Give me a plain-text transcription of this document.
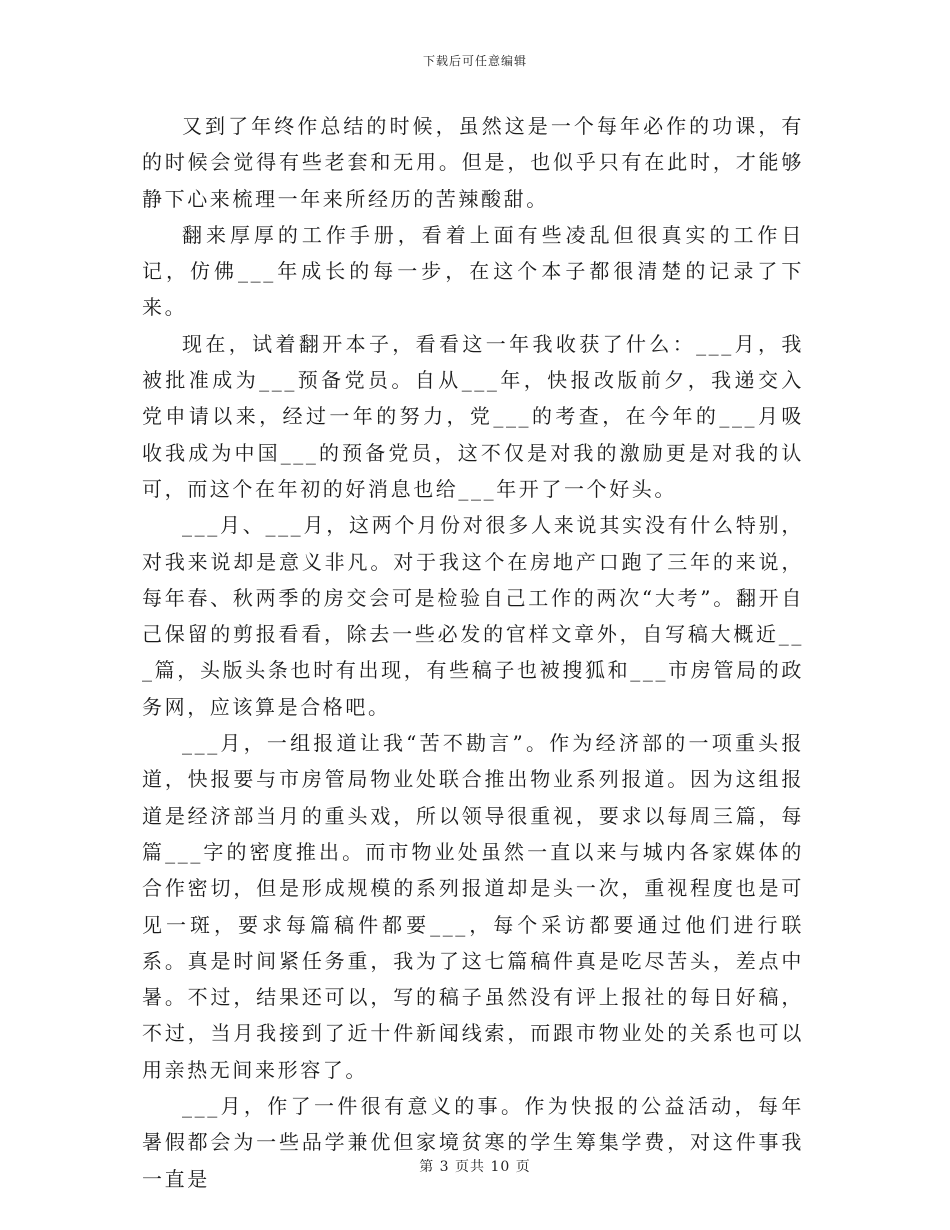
下载后可任意编辑

又到了年终作总结的时候，虽然这是一个每年必作的功课，有的时候会觉得有些老套和无用。但是，也似乎只有在此时，才能够静下心来梳理一年来所经历的苦辣酸甜。

翻来厚厚的工作手册，看着上面有些凌乱但很真实的工作日记，仿佛___年成长的每一步，在这个本子都很清楚的记录了下来。

现在，试着翻开本子，看看这一年我收获了什么：___月，我被批准成为___预备党员。自从___年，快报改版前夕，我递交入党申请以来，经过一年的努力，党___的考查，在今年的___月吸收我成为中国___的预备党员，这不仅是对我的激励更是对我的认可，而这个在年初的好消息也给___年开了一个好头。

___月、___月，这两个月份对很多人来说其实没有什么特别，对我来说却是意义非凡。对于我这个在房地产口跑了三年的来说，每年春、秋两季的房交会可是检验自己工作的两次“大考”。翻开自己保留的剪报看看，除去一些必发的官样文章外，自写稿大概近___篇，头版头条也时有出现，有些稿子也被搜狐和___市房管局的政务网，应该算是合格吧。

___月，一组报道让我“苦不勘言”。作为经济部的一项重头报道，快报要与市房管局物业处联合推出物业系列报道。因为这组报道是经济部当月的重头戏，所以领导很重视，要求以每周三篇，每篇___字的密度推出。而市物业处虽然一直以来与城内各家媒体的合作密切，但是形成规模的系列报道却是头一次，重视程度也是可见一斑，要求每篇稿件都要___，每个采访都要通过他们进行联系。真是时间紧任务重，我为了这七篇稿件真是吃尽苦头，差点中暑。不过，结果还可以，写的稿子虽然没有评上报社的每日好稿，不过，当月我接到了近十件新闻线索，而跟市物业处的关系也可以用亲热无间来形容了。

___月，作了一件很有意义的事。作为快报的公益活动，每年暑假都会为一些品学兼优但家境贫寒的学生筹集学费，对这件事我一直是	第 3 页共 10 页
